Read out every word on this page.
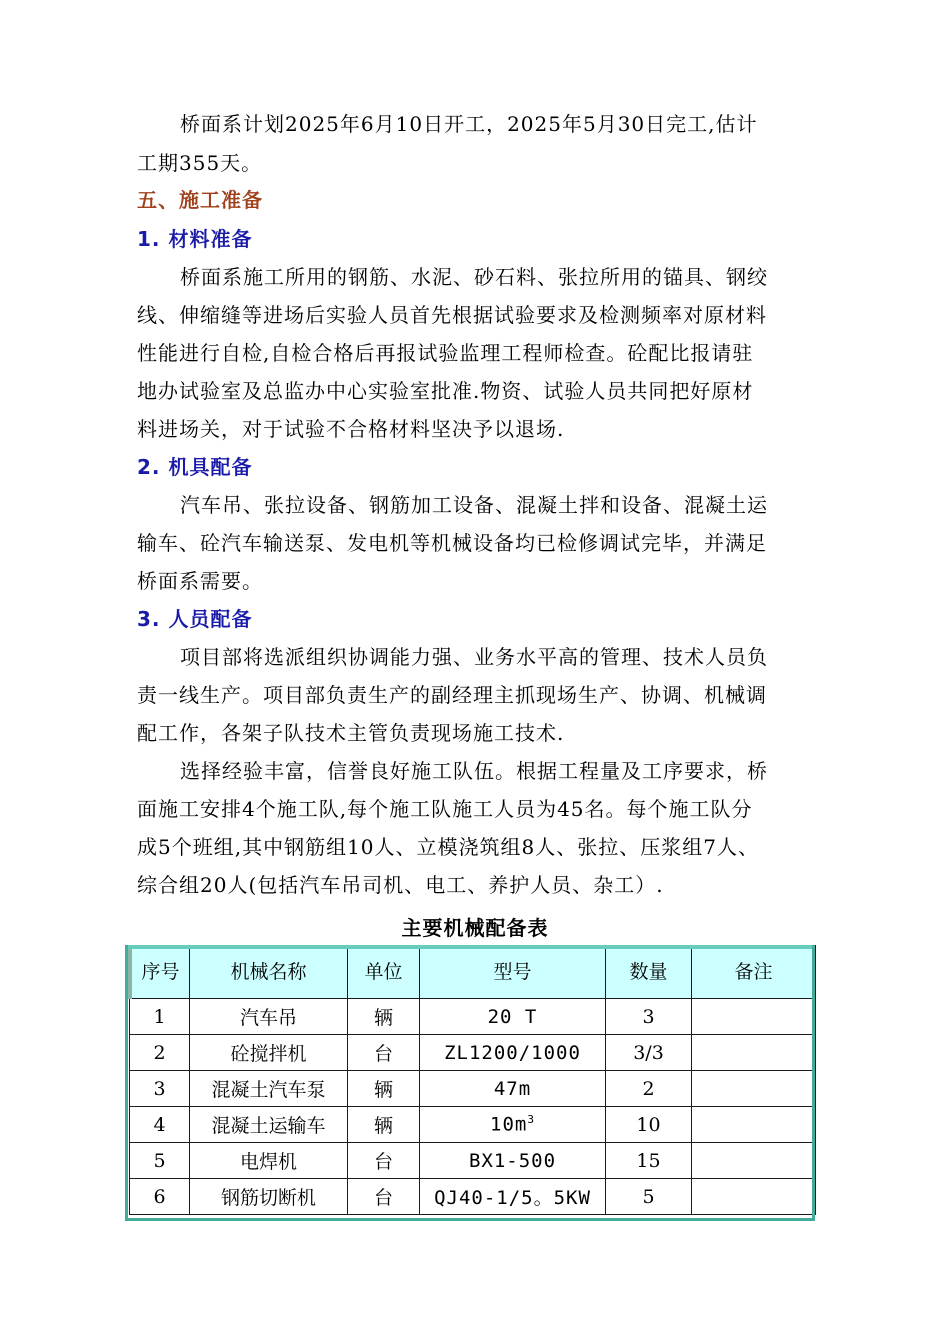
桥面系计划2025年6月10日开工，2025年5月30日完工,估计
工期355天。
五、施工准备
1. 材料准备
桥面系施工所用的钢筋、水泥、砂石料、张拉所用的锚具、钢绞
线、伸缩缝等进场后实验人员首先根据试验要求及检测频率对原材料
性能进行自检,自检合格后再报试验监理工程师检查。砼配比报请驻
地办试验室及总监办中心实验室批准.物资、试验人员共同把好原材
料进场关，对于试验不合格材料坚决予以退场.
2. 机具配备
汽车吊、张拉设备、钢筋加工设备、混凝土拌和设备、混凝土运
输车、砼汽车输送泵、发电机等机械设备均已检修调试完毕，并满足
桥面系需要。
3. 人员配备
项目部将选派组织协调能力强、业务水平高的管理、技术人员负
责一线生产。项目部负责生产的副经理主抓现场生产、协调、机械调
配工作，各架子队技术主管负责现场施工技术.
选择经验丰富，信誉良好施工队伍。根据工程量及工序要求，桥
面施工安排4个施工队,每个施工队施工人员为45名。每个施工队分
成5个班组,其中钢筋组10人、立模浇筑组8人、张拉、压浆组7人、
综合组20人(包括汽车吊司机、电工、养护人员、杂工）.
主要机械配备表
序号	机械名称	单位	型号	数量	备注
1	汽车吊	辆	20 T	3	
2	砼搅拌机	台	ZL1200/1000	3/3	
3	混凝土汽车泵	辆	47m	2	
4	混凝土运输车	辆	$10m^3$	10	
5	电焊机	台	BX1-500	15	
6	钢筋切断机	台	QJ40-1/5。5KW	5	
